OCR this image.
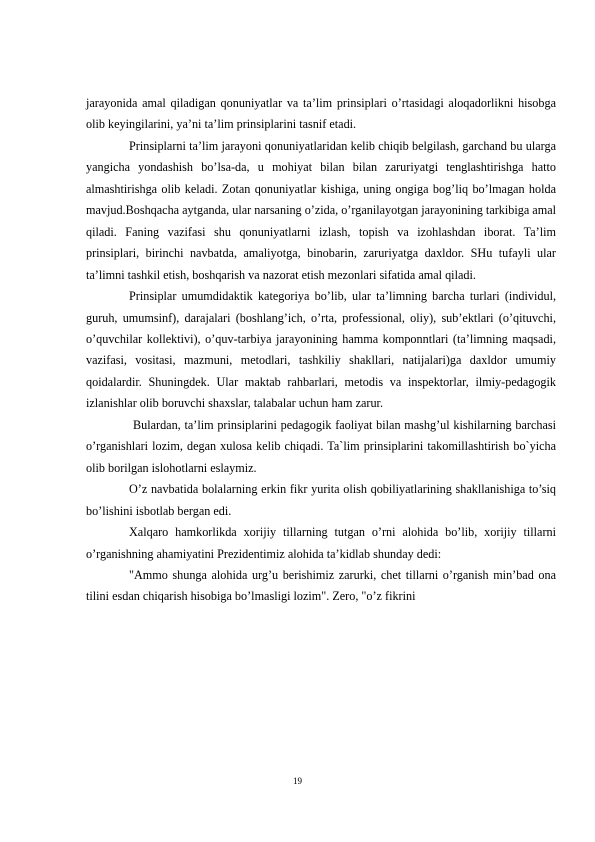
jarayonida amal qiladigan qonuniyatlar va ta’lim prinsiplari o’rtasidagi aloqadorlikni hisobga olib keyingilarini, ya’ni ta’lim prinsiplarini tasnif etadi.

Prinsiplarni ta’lim jarayoni qonuniyatlaridan kelib chiqib belgilash, garchand bu ularga yangicha yondashish bo’lsa-da, u mohiyat bilan bilan zaruriyatgi tenglashtirishga hatto almashtirishga olib keladi. Zotan qonuniyatlar kishiga, uning ongiga bog’liq bo’lmagan holda mavjud.Boshqacha aytganda, ular narsaning o’zida, o’rganilayotgan jarayonining tarkibiga amal qiladi. Faning vazifasi shu qonuniyatlarni izlash, topish va izohlashdan iborat. Ta’lim prinsiplari, birinchi navbatda, amaliyotga, binobarin, zaruriyatga daxldor. SHu tufayli ular ta’limni tashkil etish, boshqarish va nazorat etish mezonlari sifatida amal qiladi.

Prinsiplar umumdidaktik kategoriya bo’lib, ular ta’limning barcha turlari (individul, guruh, umumsinf), darajalari (boshlang’ich, o’rta, professional, oliy), sub’ektlari (o’qituvchi, o’quvchilar kollektivi), o’quv-tarbiya jarayonining hamma komponntlari (ta’limning maqsadi, vazifasi, vositasi, mazmuni, metodlari, tashkiliy shakllari, natijalari)ga daxldor umumiy qoidalardir. Shuningdek. Ular maktab rahbarlari, metodis va inspektorlar, ilmiy-pedagogik izlanishlar olib boruvchi shaxslar, talabalar uchun ham zarur.

Bulardan, ta’lim prinsiplarini pedagogik faoliyat bilan mashg’ul kishilarning barchasi o’rganishlari lozim, degan xulosa kelib chiqadi. Ta`lim prinsiplarini takomillashtirish bo`yicha olib borilgan islohotlarni eslaymiz.

O’z navbatida bolalarning erkin fikr yurita olish qobiliyatlarining shakllanishiga to’siq bo’lishini isbotlab bergan edi.

Xalqaro hamkorlikda xorijiy tillarning tutgan o’rni alohida bo’lib, xorijiy tillarni o’rganishning ahamiyatini Prezidentimiz alohida ta’kidlab shunday dedi:

"Ammo shunga alohida urg’u berishimiz zarurki, chet tillarni o’rganish min’bad ona tilini esdan chiqarish hisobiga bo’lmasligi lozim". Zero, "o’z fikrini

19
